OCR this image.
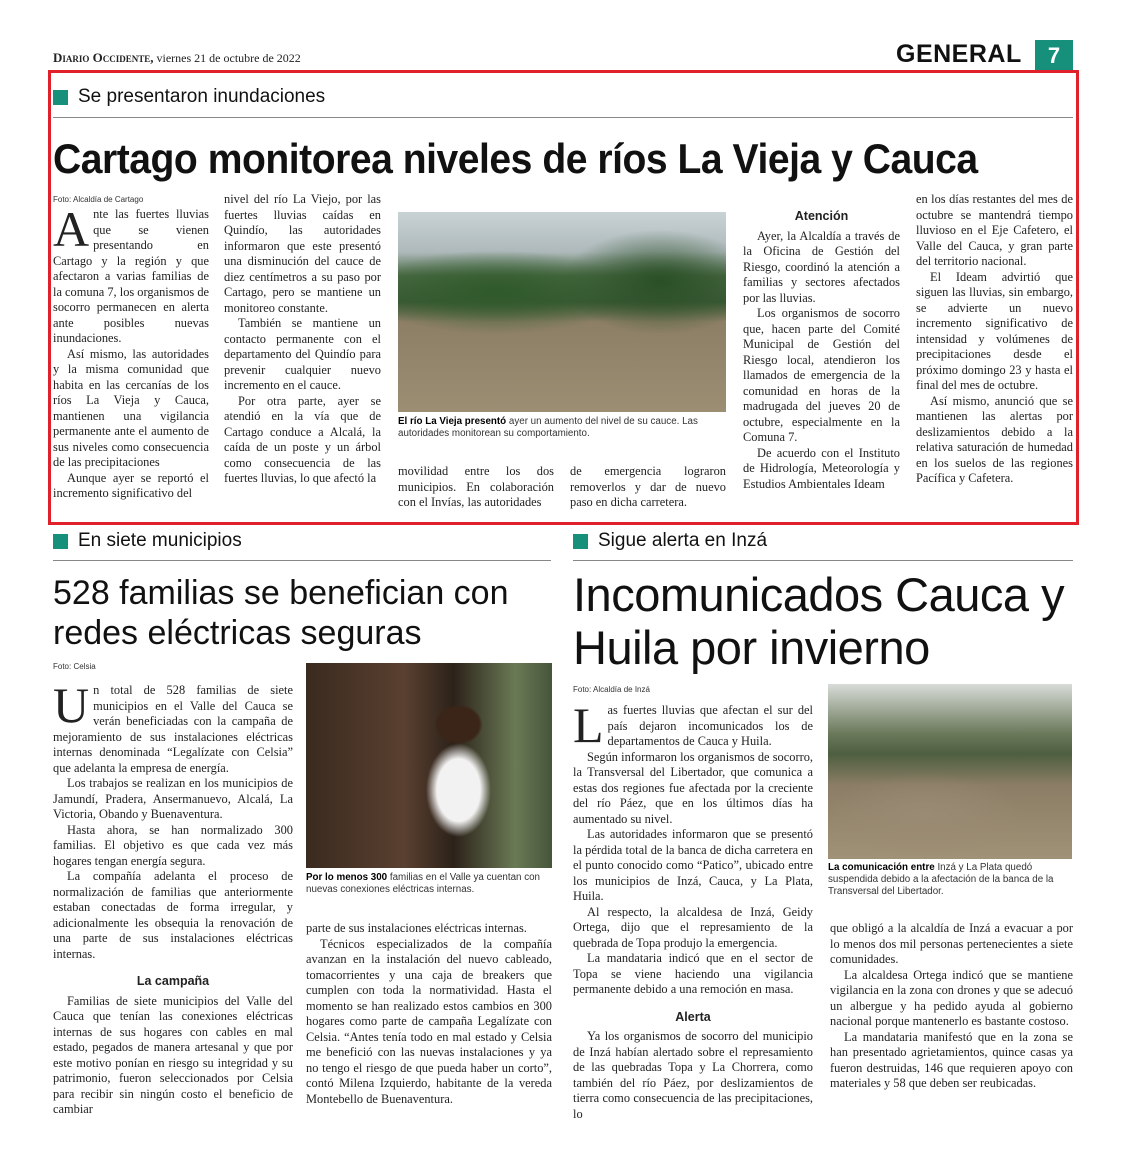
Diario Occidente, viernes 21 de octubre de 2022	GENERAL	7
Se presentaron inundaciones
Cartago monitorea niveles de ríos La Vieja y Cauca
Foto: Alcaldía de Cartago

Ante las fuertes lluvias que se vienen presentando en Cartago y la región y que afectaron a varias familias de la comuna 7, los organismos de socorro permanecen en alerta ante posibles nuevas inundaciones.

Así mismo, las autoridades y la misma comunidad que habita en las cercanías de los ríos La Vieja y Cauca, mantienen una vigilancia permanente ante el aumento de sus niveles como consecuencia de las precipitaciones

Aunque ayer se reportó el incremento significativo del

nivel del río La Viejo, por las fuertes lluvias caídas en Quindío, las autoridades informaron que este presentó una disminución del cauce de diez centímetros a su paso por Cartago, pero se mantiene un monitoreo constante.

También se mantiene un contacto permanente con el departamento del Quindío para prevenir cualquier nuevo incremento en el cauce.

Por otra parte, ayer se atendió en la vía que de Cartago conduce a Alcalá, la caída de un poste y un árbol como consecuencia de las fuertes lluvias, lo que afectó la

El río La Vieja presentó ayer un aumento del nivel de su cauce. Las autoridades monitorean su comportamiento.

movilidad entre los dos municipios. En colaboración con el Invías, las autoridades

de emergencia lograron removerlos y dar de nuevo paso en dicha carretera.

Atención

Ayer, la Alcaldía a través de la Oficina de Gestión del Riesgo, coordinó la atención a familias y sectores afectados por las lluvias.

Los organismos de socorro que, hacen parte del Comité Municipal de Gestión del Riesgo local, atendieron los llamados de emergencia de la comunidad en horas de la madrugada del jueves 20 de octubre, especialmente en la Comuna 7.

De acuerdo con el Instituto de Hidrología, Meteorología y Estudios Ambientales Ideam

en los días restantes del mes de octubre se mantendrá tiempo lluvioso en el Eje Cafetero, el Valle del Cauca, y gran parte del territorio nacional.

El Ideam advirtió que siguen las lluvias, sin embargo, se advierte un nuevo incremento significativo de intensidad y volúmenes de precipitaciones desde el próximo domingo 23 y hasta el final del mes de octubre.

Así mismo, anunció que se mantienen las alertas por deslizamientos debido a la relativa saturación de humedad en los suelos de las regiones Pacífica y Cafetera.

En siete municipios
528 familias se benefician con redes eléctricas seguras
Foto: Celsia

Un total de 528 familias de siete municipios en el Valle del Cauca se verán beneficiadas con la campaña de mejoramiento de sus instalaciones eléctricas internas denominada “Legalízate con Celsia” que adelanta la empresa de energía.

Los trabajos se realizan en los municipios de Jamundí, Pradera, Ansermanuevo, Alcalá, La Victoria, Obando y Buenaventura.

Hasta ahora, se han normalizado 300 familias. El objetivo es que cada vez más hogares tengan energía segura.

La compañía adelanta el proceso de normalización de familias que anteriormente estaban conectadas de forma irregular, y adicionalmente les obsequia la renovación de una parte de sus instalaciones eléctricas internas.

La campaña

Familias de siete municipios del Valle del Cauca que tenían las conexiones eléctricas internas de sus hogares con cables en mal estado, pegados de manera artesanal y que por este motivo ponían en riesgo su integridad y su patrimonio, fueron seleccionados por Celsia para recibir sin ningún costo el beneficio de cambiar

Por lo menos 300 familias en el Valle ya cuentan con nuevas conexiones eléctricas internas.

parte de sus instalaciones eléctricas internas.

Técnicos especializados de la compañía avanzan en la instalación del nuevo cableado, tomacorrientes y una caja de breakers que cumplen con toda la normatividad. Hasta el momento se han realizado estos cambios en 300 hogares como parte de campaña Legalízate con Celsia. “Antes tenía todo en mal estado y Celsia me benefició con las nuevas instalaciones y ya no tengo el riesgo de que pueda haber un corto”, contó Milena Izquierdo, habitante de la vereda Montebello de Buenaventura.

Sigue alerta en Inzá
Incomunicados Cauca y Huila por invierno
Foto: Alcaldía de Inzá

Las fuertes lluvias que afectan el sur del país dejaron incomunicados los de departamentos de Cauca y Huila.

Según informaron los organismos de socorro, la Transversal del Libertador, que comunica a estas dos regiones fue afectada por la creciente del río Páez, que en los últimos días ha aumentado su nivel.

Las autoridades informaron que se presentó la pérdida total de la banca de dicha carretera en el punto conocido como “Patico”, ubicado entre los municipios de Inzá, Cauca, y La Plata, Huila.

Al respecto, la alcaldesa de Inzá, Geidy Ortega, dijo que el represamiento de la quebrada de Topa produjo la emergencia.

La mandataria indicó que en el sector de Topa se viene haciendo una vigilancia permanente debido a una remoción en masa.

Alerta

Ya los organismos de socorro del municipio de Inzá habían alertado sobre el represamiento de las quebradas Topa y La Chorrera, como también del río Páez, por deslizamientos de tierra como consecuencia de las precipitaciones, lo

La comunicación entre Inzá y La Plata quedó suspendida debido a la afectación de la banca de la Transversal del Libertador.

que obligó a la alcaldía de Inzá a evacuar a por lo menos dos mil personas pertenecientes a siete comunidades.

La alcaldesa Ortega indicó que se mantiene vigilancia en la zona con drones y que se adecuó un albergue y ha pedido ayuda al gobierno nacional porque mantenerlo es bastante costoso.

La mandataria manifestó que en la zona se han presentado agrietamientos, quince casas ya fueron destruidas, 146 que requieren apoyo con materiales y 58 que deben ser reubicadas.
